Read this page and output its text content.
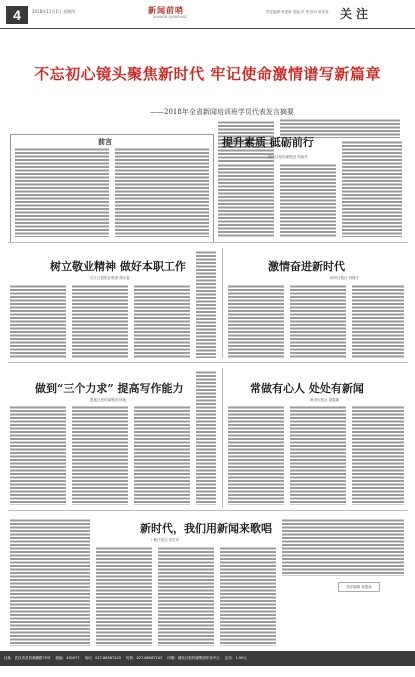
4	2018年11月1日 星期四	新闻前哨
XINWEN QIANSHAO
责任编辑 黄建新 美编 肖 勇 校对 黄伟春 关注
不忘初心镜头聚焦新时代 牢记使命激情谱写新篇章
——2018年全省新闻培训班学员代表发言摘要
前言	提升素质 砥砺前行
湖北日报传媒集团 郭毅华
树立敬业精神 做好本职工作
长江日报报业集团 胡冰春
激情奋进新时代
荆州日报社 刘俊才
做到“三个力求” 提高写作能力
恩施日报传媒集团 杨艳
常做有心人 处处有新闻
黄冈日报社 胡霞娣
新时代，我们用新闻来歌唱
十堰日报社 邓宏庆
责任编辑 黄建新
社址：武汉市武昌黄鹂路75号 邮编：430077 电话：027-88567103 传真：027-88567103 印刷：湖北日报传媒集团印务中心 定价：1.50元
